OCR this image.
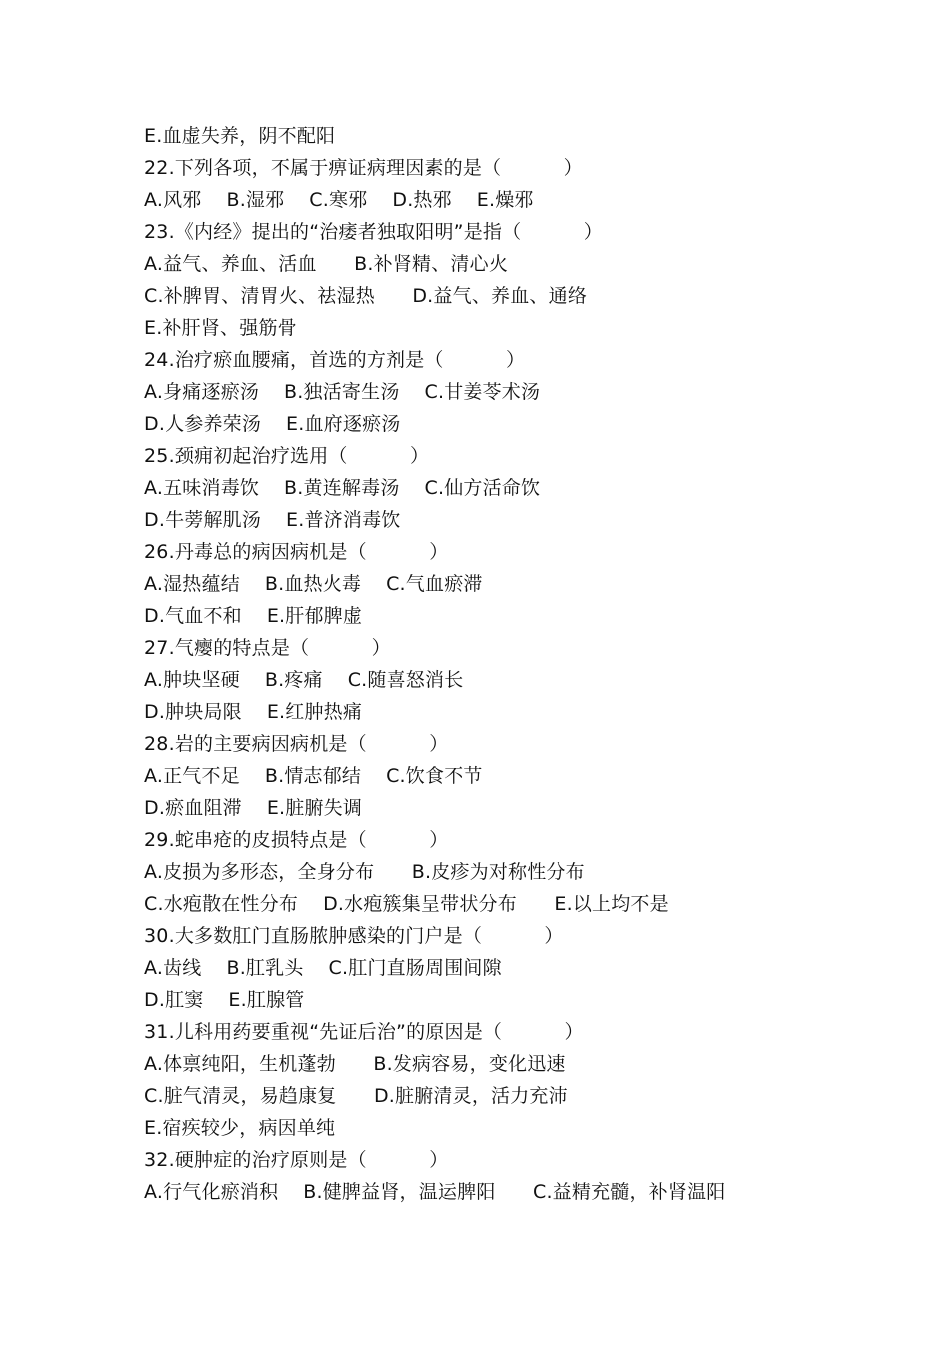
E.血虚失养，阴不配阳
22.下列各项，不属于痹证病理因素的是（          ）
A.风邪    B.湿邪    C.寒邪    D.热邪    E.燥邪
23.《内经》提出的“治痿者独取阳明”是指（          ）
A.益气、养血、活血      B.补肾精、清心火
C.补脾胃、清胃火、祛湿热      D.益气、养血、通络
E.补肝肾、强筋骨
24.治疗瘀血腰痛，首选的方剂是（          ）
A.身痛逐瘀汤    B.独活寄生汤    C.甘姜苓术汤
D.人参养荣汤    E.血府逐瘀汤
25.颈痈初起治疗选用（          ）
A.五味消毒饮    B.黄连解毒汤    C.仙方活命饮
D.牛蒡解肌汤    E.普济消毒饮
26.丹毒总的病因病机是（          ）
A.湿热蕴结    B.血热火毒    C.气血瘀滞
D.气血不和    E.肝郁脾虚
27.气瘿的特点是（          ）
A.肿块坚硬    B.疼痛    C.随喜怒消长
D.肿块局限    E.红肿热痛
28.岩的主要病因病机是（          ）
A.正气不足    B.情志郁结    C.饮食不节
D.瘀血阻滞    E.脏腑失调
29.蛇串疮的皮损特点是（          ）
A.皮损为多形态，全身分布      B.皮疹为对称性分布
C.水疱散在性分布    D.水疱簇集呈带状分布      E.以上均不是
30.大多数肛门直肠脓肿感染的门户是（          ）
A.齿线    B.肛乳头    C.肛门直肠周围间隙
D.肛窦    E.肛腺管
31.儿科用药要重视“先证后治”的原因是（          ）
A.体禀纯阳，生机蓬勃      B.发病容易，变化迅速
C.脏气清灵，易趋康复      D.脏腑清灵，活力充沛
E.宿疾较少，病因单纯
32.硬肿症的治疗原则是（          ）
A.行气化瘀消积    B.健脾益肾，温运脾阳      C.益精充髓，补肾温阳
